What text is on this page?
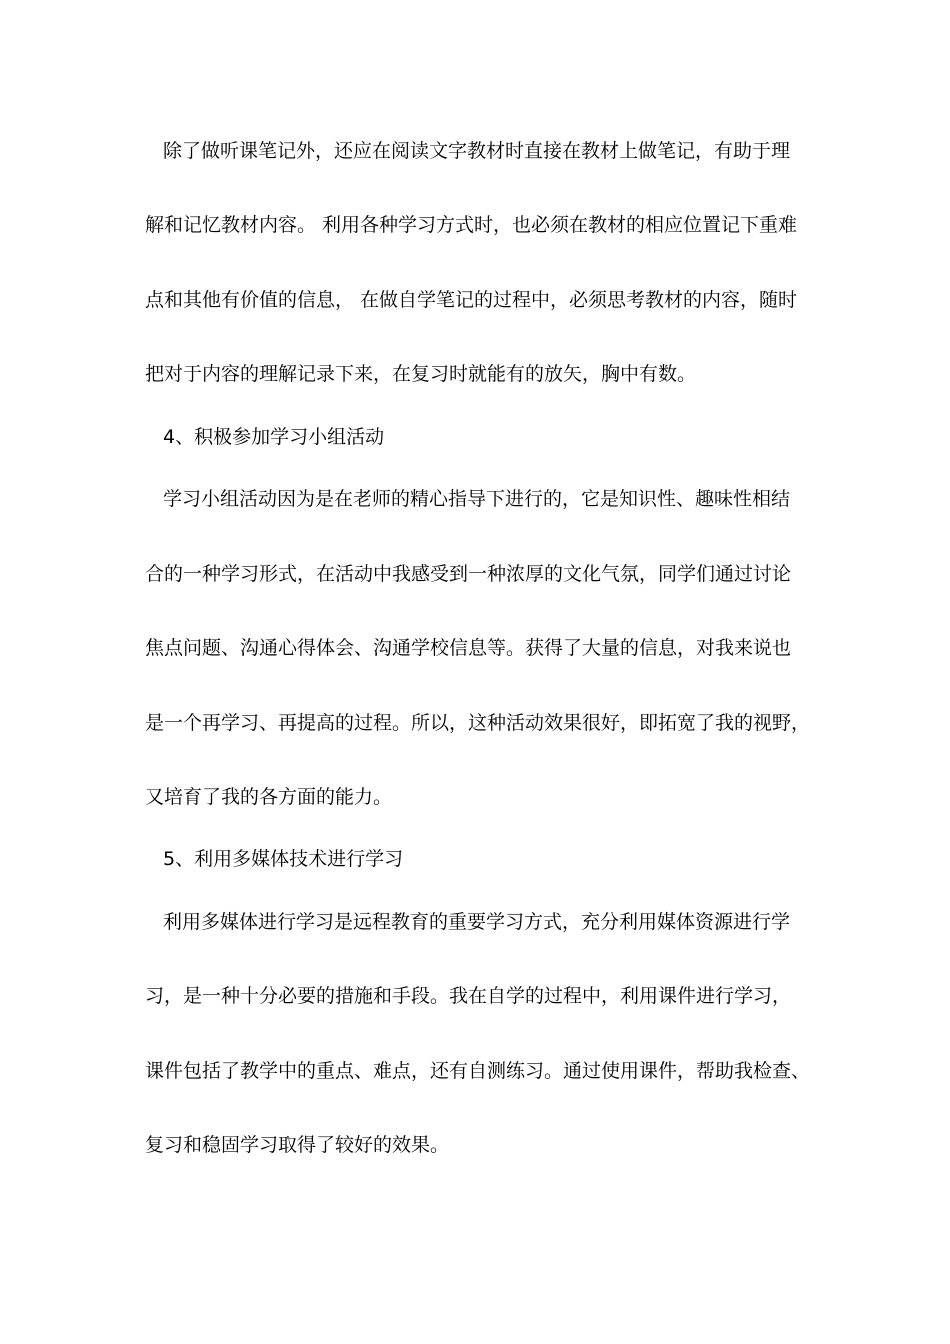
除了做听课笔记外，还应在阅读文字教材时直接在教材上做笔记，有助于理
解和记忆教材内容。 利用各种学习方式时，也必须在教材的相应位置记下重难
点和其他有价值的信息， 在做自学笔记的过程中，必须思考教材的内容，随时
把对于内容的理解记录下来，在复习时就能有的放矢，胸中有数。
4、积极参加学习小组活动
学习小组活动因为是在老师的精心指导下进行的，它是知识性、趣味性相结
合的一种学习形式，在活动中我感受到一种浓厚的文化气氛，同学们通过讨论
焦点问题、沟通心得体会、沟通学校信息等。获得了大量的信息，对我来说也
是一个再学习、再提高的过程。所以，这种活动效果很好，即拓宽了我的视野，
又培育了我的各方面的能力。
5、利用多媒体技术进行学习
利用多媒体进行学习是远程教育的重要学习方式，充分利用媒体资源进行学
习，是一种十分必要的措施和手段。我在自学的过程中，利用课件进行学习，
课件包括了教学中的重点、难点，还有自测练习。通过使用课件，帮助我检查、
复习和稳固学习取得了较好的效果。
